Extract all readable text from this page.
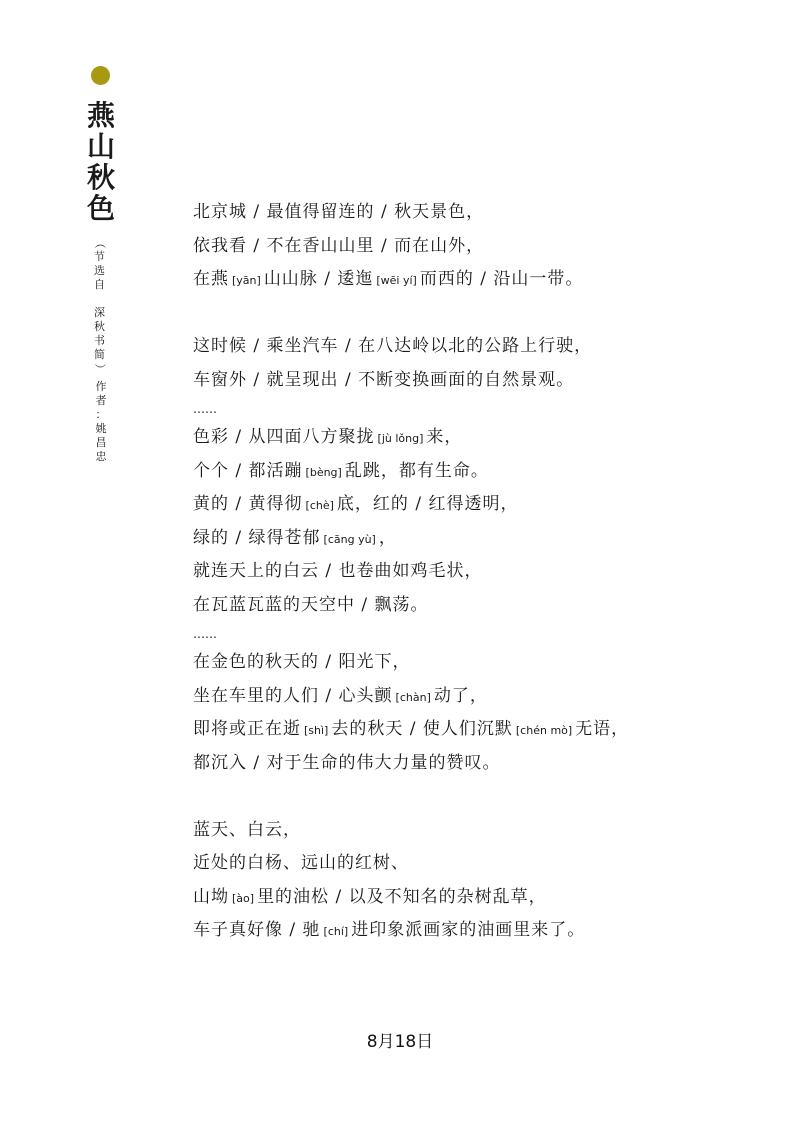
燕
山
秋
色
（
节
选
自
深
秋
书
简
）
作
者
：
姚
昌
忠
北京城 / 最值得留连的 / 秋天景色，
依我看 / 不在香山山里 / 而在山外，
在燕 [yān] 山山脉 / 逶迤 [wēi yí] 而西的 / 沿山一带。
这时候 / 乘坐汽车 / 在八达岭以北的公路上行驶，
车窗外 / 就呈现出 / 不断变换画面的自然景观。
……
色彩 / 从四面八方聚拢 [jù lǒng] 来，
个个 / 都活蹦 [bèng] 乱跳，都有生命。
黄的 / 黄得彻 [chè] 底，红的 / 红得透明，
绿的 / 绿得苍郁 [cāng yù] ，
就连天上的白云 / 也卷曲如鸡毛状，
在瓦蓝瓦蓝的天空中 / 飘荡。
……
在金色的秋天的 / 阳光下，
坐在车里的人们 / 心头颤 [chàn] 动了，
即将或正在逝 [shì] 去的秋天 / 使人们沉默 [chén mò] 无语，
都沉入 / 对于生命的伟大力量的赞叹。
蓝天、白云，
近处的白杨、远山的红树、
山坳 [ào] 里的油松 / 以及不知名的杂树乱草，
车子真好像 / 驰 [chí] 进印象派画家的油画里来了。
8月18日
